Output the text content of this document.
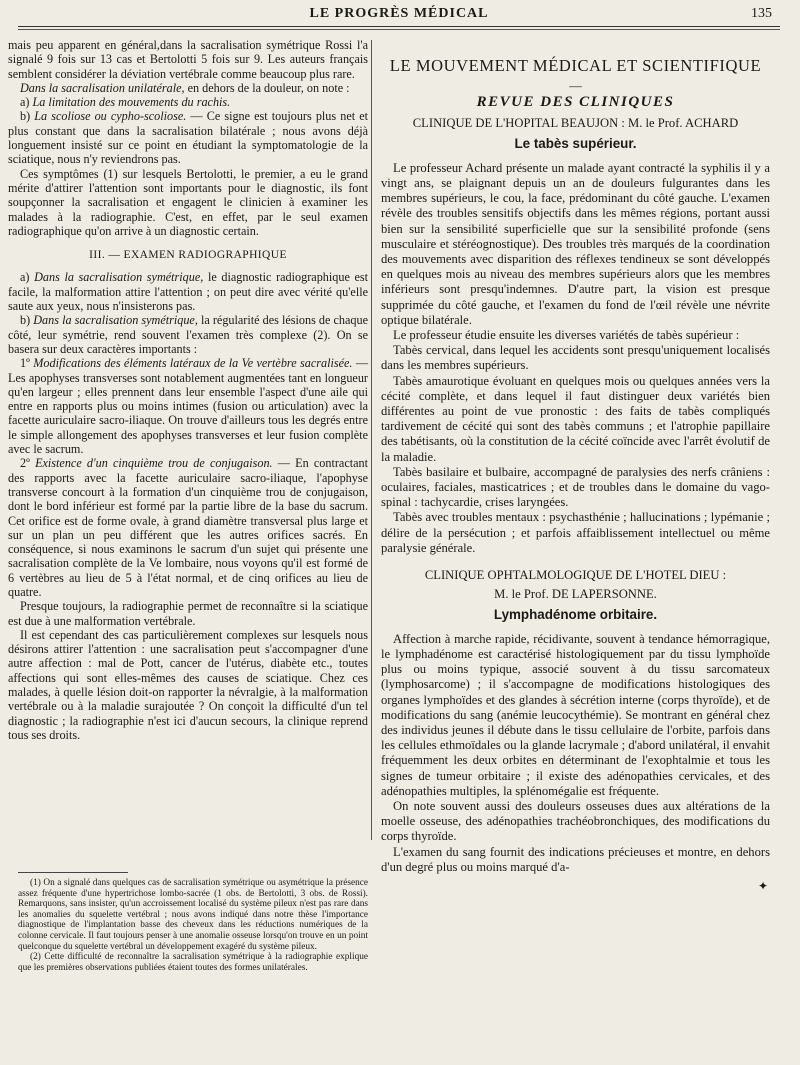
LE PROGRÈS MÉDICAL	135

mais peu apparent en général,dans la sacralisation symétrique Rossi l'a signalé 9 fois sur 13 cas et Bertolotti 5 fois sur 9. Les auteurs français semblent considérer la déviation vertébrale comme beaucoup plus rare.

Dans la sacralisation unilatérale, en dehors de la douleur, on note :

a) La limitation des mouvements du rachis.

b) La scoliose ou cypho-scoliose. — Ce signe est toujours plus net et plus constant que dans la sacralisation bilatérale ; nous avons déjà longuement insisté sur ce point en étudiant la symptomatologie de la sciatique, nous n'y reviendrons pas.

Ces symptômes (1) sur lesquels Bertolotti, le premier, a eu le grand mérite d'attirer l'attention sont importants pour le diagnostic, ils font soupçonner la sacralisation et engagent le clinicien à examiner les malades à la radiographie. C'est, en effet, par le seul examen radiographique qu'on arrive à un diagnostic certain.

III. — EXAMEN RADIOGRAPHIQUE

a) Dans la sacralisation symétrique, le diagnostic radiographique est facile, la malformation attire l'attention ; on peut dire avec vérité qu'elle saute aux yeux, nous n'insisterons pas.

b) Dans la sacralisation symétrique, la régularité des lésions de chaque côté, leur symétrie, rend souvent l'examen très complexe (2). On se basera sur deux caractères importants :

1º Modifications des éléments latéraux de la Ve vertèbre sacralisée. — Les apophyses transverses sont notablement augmentées tant en longueur qu'en largeur ; elles prennent dans leur ensemble l'aspect d'une aile qui entre en rapports plus ou moins intimes (fusion ou articulation) avec la facette auriculaire sacro-iliaque. On trouve d'ailleurs tous les degrés entre le simple allongement des apophyses transverses et leur fusion complète avec le sacrum.

2º Existence d'un cinquième trou de conjugaison. — En contractant des rapports avec la facette auriculaire sacro-iliaque, l'apophyse transverse concourt à la formation d'un cinquième trou de conjugaison, dont le bord inférieur est formé par la partie libre de la base du sacrum. Cet orifice est de forme ovale, à grand diamètre transversal plus large et sur un plan un peu différent que les autres orifices sacrés. En conséquence, si nous examinons le sacrum d'un sujet qui présente une sacralisation complète de la Ve lombaire, nous voyons qu'il est formé de 6 vertèbres au lieu de 5 à l'état normal, et de cinq orifices au lieu de quatre.

Presque toujours, la radiographie permet de reconnaître si la sciatique est due à une malformation vertébrale.

Il est cependant des cas particulièrement complexes sur lesquels nous désirons attirer l'attention : une sacralisation peut s'accompagner d'une autre affection : mal de Pott, cancer de l'utérus, diabète etc., toutes affections qui sont elles-mêmes des causes de sciatique. Chez ces malades, à quelle lésion doit-on rapporter la névralgie, à la malformation vertébrale ou à la maladie surajoutée ? On conçoit la difficulté d'un tel diagnostic ; la radiographie n'est ici d'aucun secours, la clinique reprend tous ses droits.

(1) On a signalé dans quelques cas de sacralisation symétrique ou asymétrique la présence assez fréquente d'une hypertrichose lombo-sacrée (1 obs. de Bertolotti, 3 obs. de Rossi). Remarquons, sans insister, qu'un accroissement localisé du système pileux n'est pas rare dans les anomalies du squelette vertébral ; nous avons indiqué dans notre thèse l'importance diagnostique de l'implantation basse des cheveux dans les réductions numériques de la colonne cervicale. Il faut toujours penser à une anomalie osseuse lorsqu'on trouve en un point quelconque du squelette vertébral un développement exagéré du système pileux.

(2) Cette difficulté de reconnaître la sacralisation symétrique à la radiographie explique que les premières observations publiées étaient toutes des formes unilatérales.

LE MOUVEMENT MÉDICAL ET SCIENTIFIQUE
—
REVUE DES CLINIQUES
CLINIQUE DE L'HOPITAL BEAUJON : M. le Prof. ACHARD
Le tabès supérieur.

Le professeur Achard présente un malade ayant contracté la syphilis il y a vingt ans, se plaignant depuis un an de douleurs fulgurantes dans les membres supérieurs, le cou, la face, prédominant du côté gauche. L'examen révèle des troubles sensitifs objectifs dans les mêmes régions, portant aussi bien sur la sensibilité superficielle que sur la sensibilité profonde (sens musculaire et stéréognostique). Des troubles très marqués de la coordination des mouvements avec disparition des réflexes tendineux se sont développés en quelques mois au niveau des membres supérieurs alors que les membres inférieurs sont presqu'indemnes. D'autre part, la vision est presque supprimée du côté gauche, et l'examen du fond de l'œil révèle une névrite optique bilatérale.

Le professeur étudie ensuite les diverses variétés de tabès supérieur :

Tabès cervical, dans lequel les accidents sont presqu'uniquement localisés dans les membres supérieurs.

Tabès amaurotique évoluant en quelques mois ou quelques années vers la cécité complète, et dans lequel il faut distinguer deux variétés bien différentes au point de vue pronostic : des faits de tabès compliqués tardivement de cécité qui sont des tabès communs ; et l'atrophie papillaire des tabétisants, où la constitution de la cécité coïncide avec l'arrêt évolutif de la maladie.

Tabès basilaire et bulbaire, accompagné de paralysies des nerfs crâniens : oculaires, faciales, masticatrices ; et de troubles dans le domaine du vago-spinal : tachycardie, crises laryngées.

Tabès avec troubles mentaux : psychasthénie ; hallucinations ; lypémanie ; délire de la persécution ; et parfois affaiblissement intellectuel ou même paralysie générale.

CLINIQUE OPHTALMOLOGIQUE DE L'HOTEL DIEU :
M. le Prof. DE LAPERSONNE.
Lymphadénome orbitaire.

Affection à marche rapide, récidivante, souvent à tendance hémorragique, le lymphadénome est caractérisé histologiquement par du tissu lymphoïde plus ou moins typique, associé souvent à du tissu sarcomateux (lymphosarcome) ; il s'accompagne de modifications histologiques des organes lymphoïdes et des glandes à sécrétion interne (corps thyroïde), et de modifications du sang (anémie leucocythémie). Se montrant en général chez des individus jeunes il débute dans le tissu cellulaire de l'orbite, parfois dans les cellules ethmoïdales ou la glande lacrymale ; d'abord unilatéral, il envahit fréquemment les deux orbites en déterminant de l'exophtalmie et tous les signes de tumeur orbitaire ; il existe des adénopathies cervicales, et des adénopathies multiples, la splénomégalie est fréquente.

On note souvent aussi des douleurs osseuses dues aux altérations de la moelle osseuse, des adénopathies trachéobronchiques, des modifications du corps thyroïde.

L'examen du sang fournit des indications précieuses et montre, en dehors d'un degré plus ou moins marqué d'a-

✦
